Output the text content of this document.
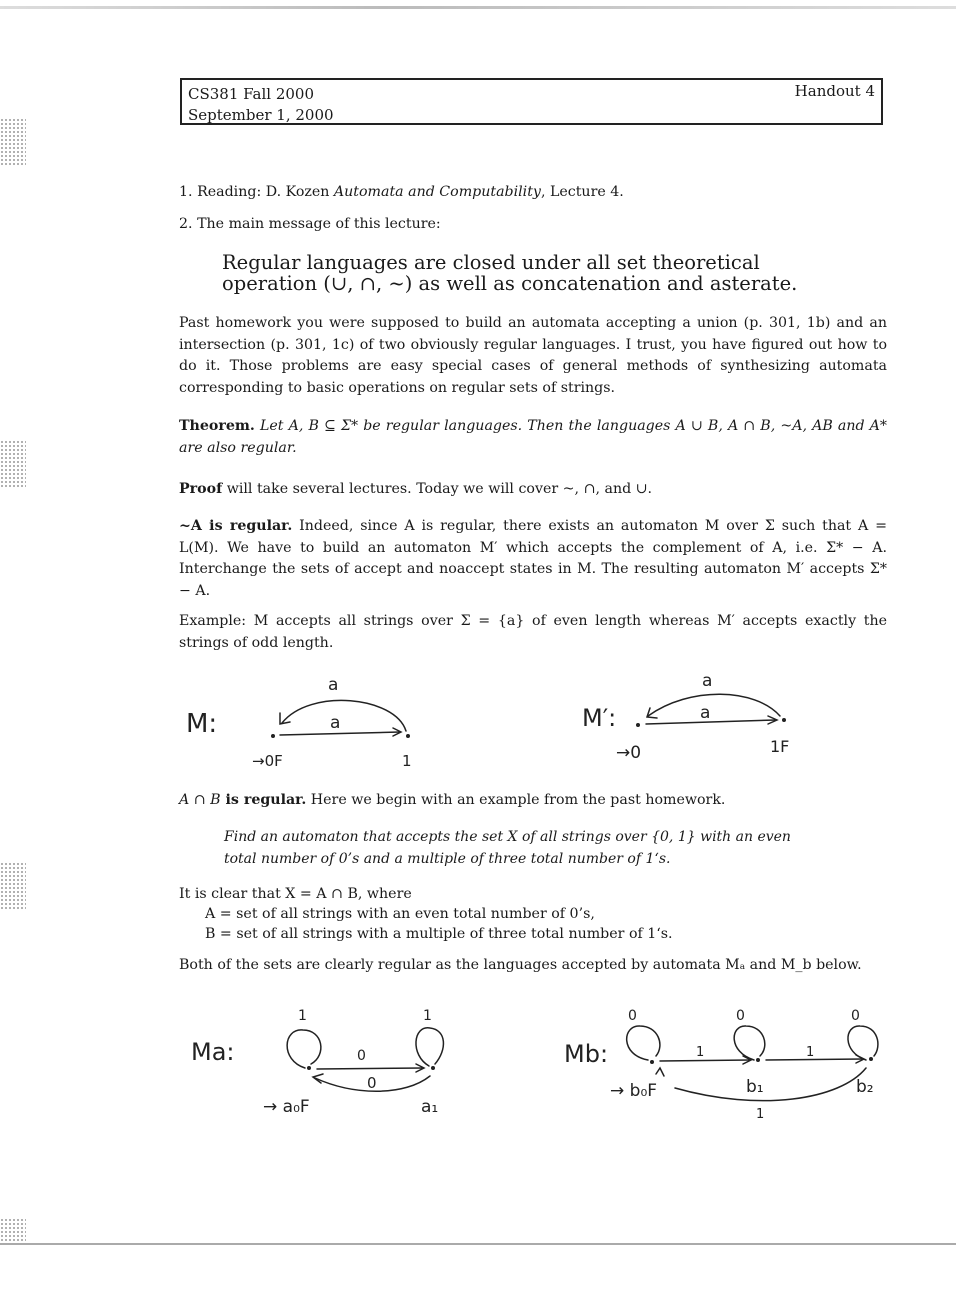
CS381 Fall 2000
September 1, 2000
Handout 4

1. Reading: D. Kozen Automata and Computability, Lecture 4.

2. The main message of this lecture:

Regular languages are closed under all set theoretical
operation (∪, ∩, ~) as well as concatenation and asterate.

Past homework you were supposed to build an automata accepting a union (p. 301, 1b) and an intersection (p. 301, 1c) of two obviously regular languages. I trust, you have figured out how to do it. Those problems are easy special cases of general methods of synthesizing automata corresponding to basic operations on regular sets of strings.

Theorem. Let A, B ⊆ Σ* be regular languages. Then the languages A ∪ B, A ∩ B, ~A, AB and A* are also regular.

Proof will take several lectures. Today we will cover ~, ∩, and ∪.

~A is regular. Indeed, since A is regular, there exists an automaton M over Σ such that A = L(M). We have to build an automaton M′ which accepts the complement of A, i.e. Σ* − A. Interchange the sets of accept and noaccept states in M. The resulting automaton M′ accepts Σ* − A.

Example: M accepts all strings over Σ = {a} of even length whereas M′ accepts exactly the strings of odd length.

M:
a
a
→0F	1
M′:
a
a
→0	1F

A ∩ B is regular. Here we begin with an example from the past homework.

Find an automaton that accepts the set X of all strings over {0, 1} with an even
total number of 0’s and a multiple of three total number of 1‘s.

It is clear that X = A ∩ B, where

A = set of all strings with an even total number of 0’s,

B = set of all strings with a multiple of three total number of 1‘s.

Both of the sets are clearly regular as the languages accepted by automata Mₐ and M_b below.

Ma:
1	1
0
0
→ a₀F	a₁
Mb:
0	0	0
1	1
1
→ b₀F	b₁	b₂
